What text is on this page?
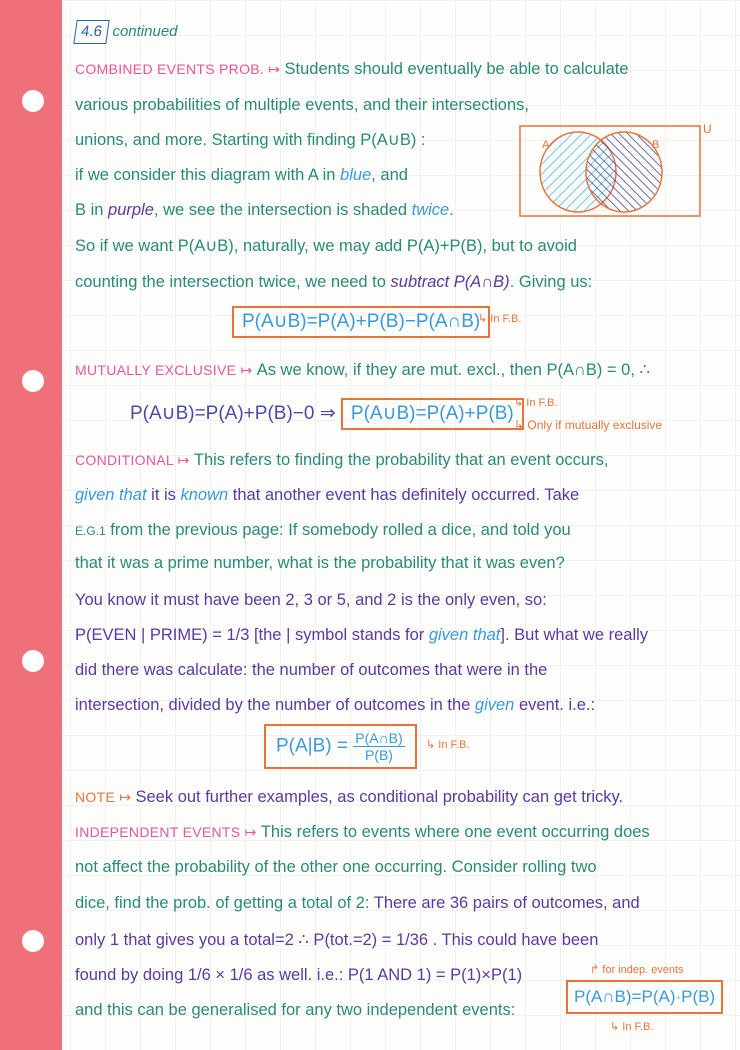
4.6 continued
COMBINED EVENTS PROB. ↦ Students should eventually be able to calculate
various probabilities of multiple events, and their intersections,
unions, and more. Starting with finding P(A∪B) :
if we consider this diagram with A in blue, and
B in purple, we see the intersection is shaded twice.
So if we want P(A∪B), naturally, we may add P(A)+P(B), but to avoid
counting the intersection twice, we need to subtract P(A∩B). Giving us:
MUTUALLY EXCLUSIVE ↦ As we know, if they are mut. excl., then P(A∩B) = 0, ∴
CONDITIONAL ↦ This refers to finding the probability that an event occurs,
given that it is known that another event has definitely occurred. Take
E.G.1 from the previous page: If somebody rolled a dice, and told you
that it was a prime number, what is the probability that it was even?
You know it must have been 2, 3 or 5, and 2 is the only even, so:
P(EVEN | PRIME) = 1/3 [the | symbol stands for given that]. But what we really
did there was calculate: the number of outcomes that were in the
intersection, divided by the number of outcomes in the given event. i.e.:
NOTE ↦ Seek out further examples, as conditional probability can get tricky.
INDEPENDENT EVENTS ↦ This refers to events where one event occurring does
not affect the probability of the other one occurring. Consider rolling two
dice, find the prob. of getting a total of 2: There are 36 pairs of outcomes, and
only 1 that gives you a total=2 ∴ P(tot.=2) = 1/36 . This could have been
found by doing 1/6 × 1/6 as well. i.e.: P(1 AND 1) = P(1)×P(1)
and this can be generalised for any two independent events:
U
A	B
P(A∪B)=P(A)+P(B)−P(A∩B)
↳ In F.B.
P(A∪B)=P(A)+P(B)−0 ⇒ P(A∪B)=P(A)+P(B) ↳ In F.B.
↳ Only if mutually exclusive
$P(A|B) = \frac{P(A\cap B)}{P(B)}$ ↳ In F.B.
↱ for indep. events
P(A∩B)=P(A)·P(B)
↳ In F.B.
